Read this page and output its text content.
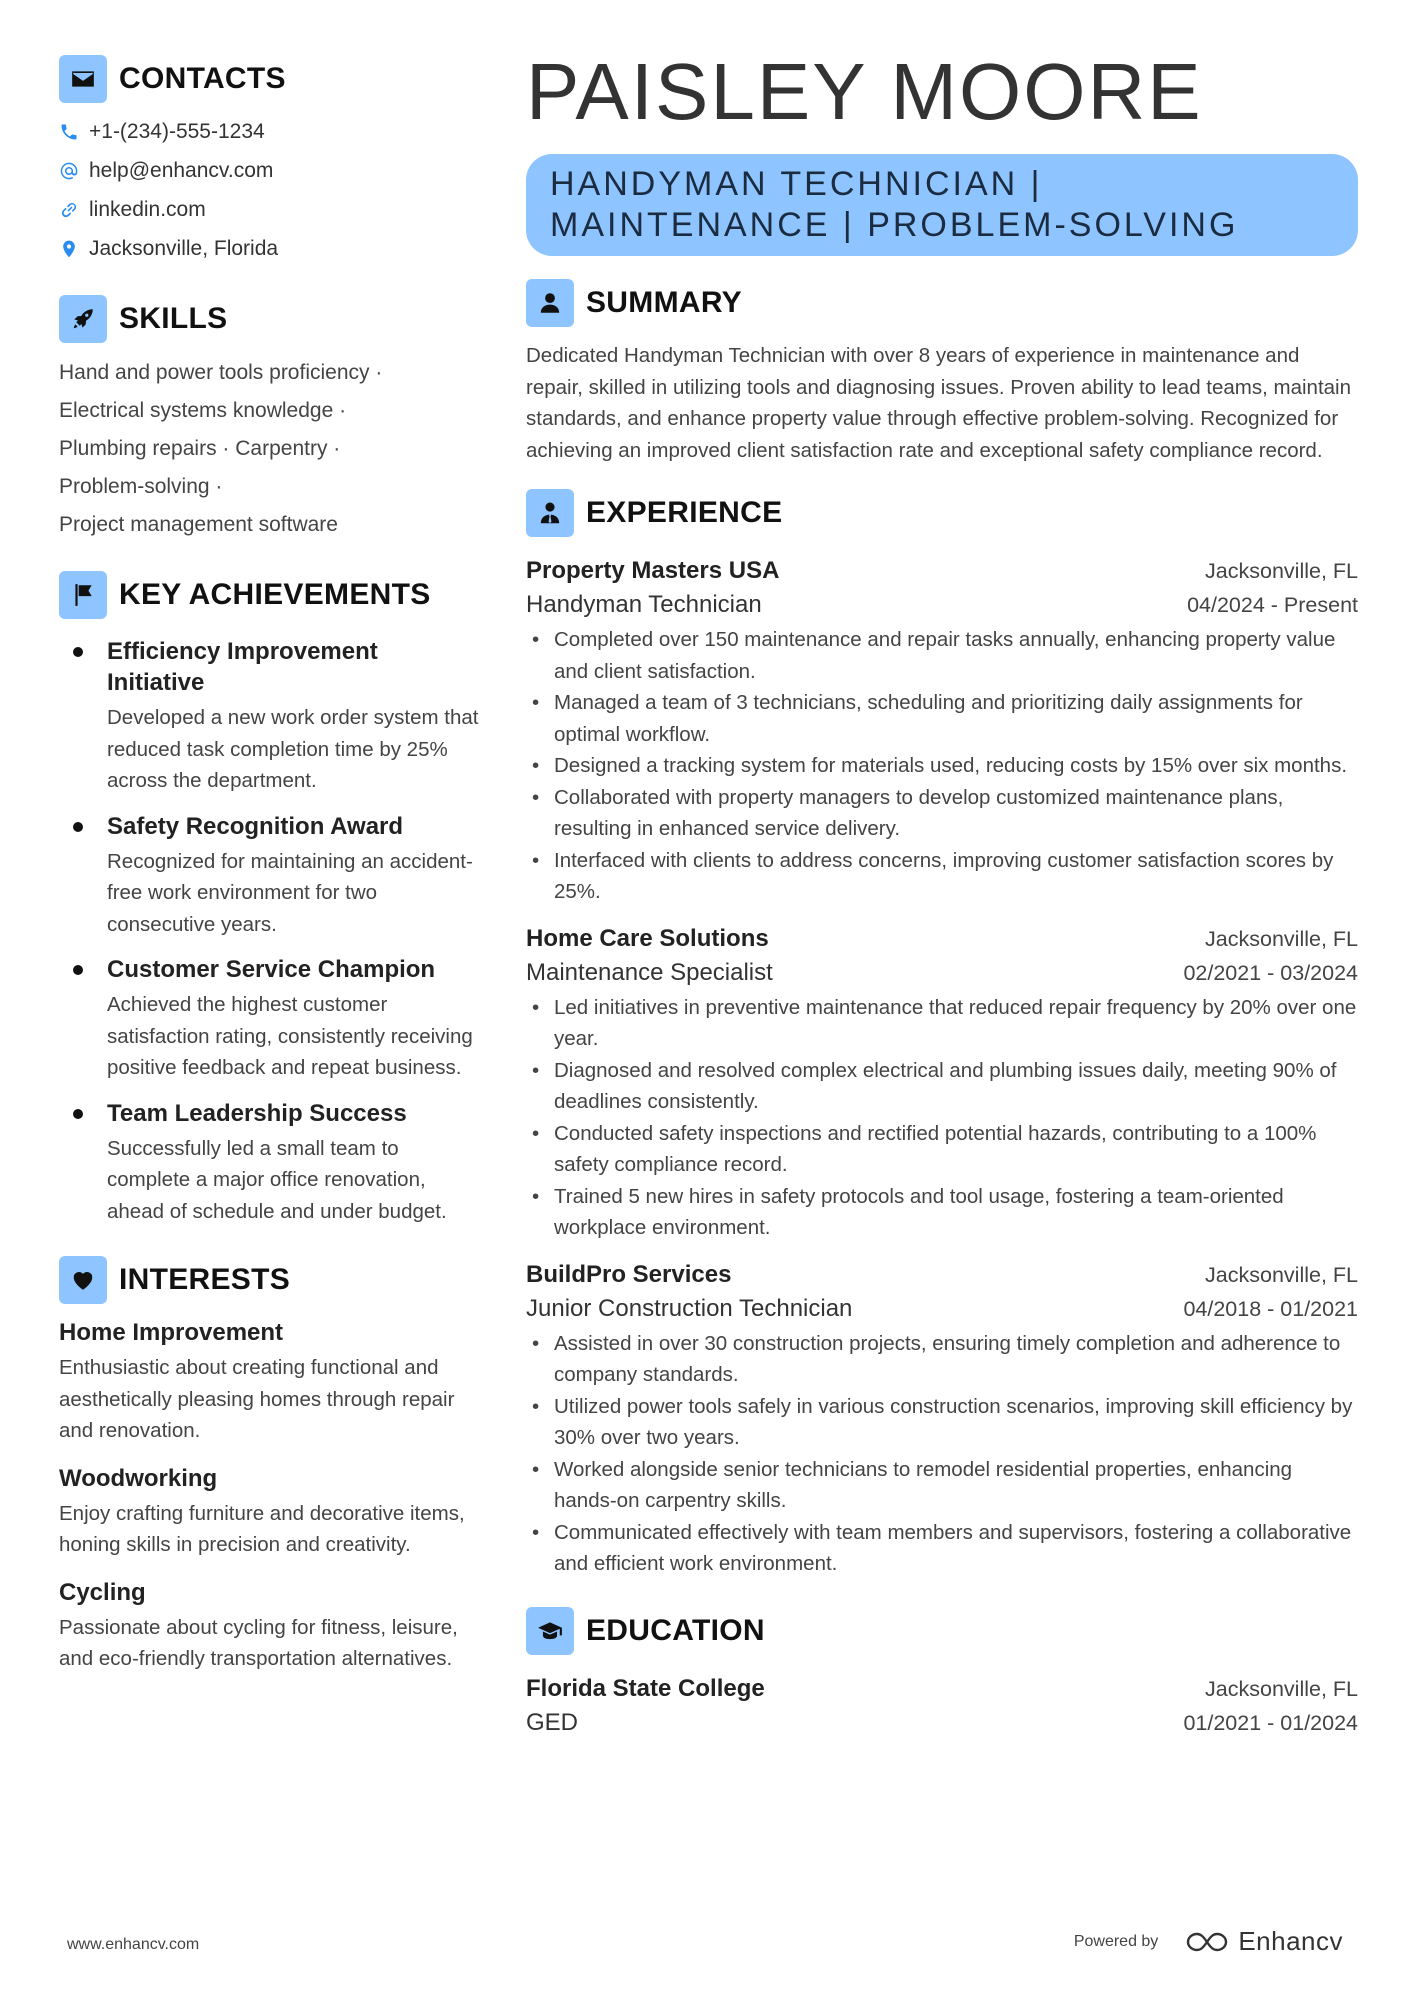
CONTACTS
+1-(234)-555-1234
help@enhancv.com
linkedin.com
Jacksonville, Florida
SKILLS
Hand and power tools proficiency ·
Electrical systems knowledge ·
Plumbing repairs · Carpentry ·
Problem-solving ·
Project management software
KEY ACHIEVEMENTS
Efficiency Improvement Initiative
Developed a new work order system that reduced task completion time by 25% across the department.
Safety Recognition Award
Recognized for maintaining an accident-free work environment for two consecutive years.
Customer Service Champion
Achieved the highest customer satisfaction rating, consistently receiving positive feedback and repeat business.
Team Leadership Success
Successfully led a small team to complete a major office renovation, ahead of schedule and under budget.
INTERESTS
Home Improvement
Enthusiastic about creating functional and aesthetically pleasing homes through repair and renovation.
Woodworking
Enjoy crafting furniture and decorative items, honing skills in precision and creativity.
Cycling
Passionate about cycling for fitness, leisure, and eco-friendly transportation alternatives.
PAISLEY MOORE
HANDYMAN TECHNICIAN | MAINTENANCE | PROBLEM-SOLVING
SUMMARY
Dedicated Handyman Technician with over 8 years of experience in maintenance and repair, skilled in utilizing tools and diagnosing issues. Proven ability to lead teams, maintain standards, and enhance property value through effective problem-solving. Recognized for achieving an improved client satisfaction rate and exceptional safety compliance record.
EXPERIENCE
Property Masters USA	Jacksonville, FL
Handyman Technician	04/2024 - Present
• Completed over 150 maintenance and repair tasks annually, enhancing property value and client satisfaction.
• Managed a team of 3 technicians, scheduling and prioritizing daily assignments for optimal workflow.
• Designed a tracking system for materials used, reducing costs by 15% over six months.
• Collaborated with property managers to develop customized maintenance plans, resulting in enhanced service delivery.
• Interfaced with clients to address concerns, improving customer satisfaction scores by 25%.
Home Care Solutions	Jacksonville, FL
Maintenance Specialist	02/2021 - 03/2024
• Led initiatives in preventive maintenance that reduced repair frequency by 20% over one year.
• Diagnosed and resolved complex electrical and plumbing issues daily, meeting 90% of deadlines consistently.
• Conducted safety inspections and rectified potential hazards, contributing to a 100% safety compliance record.
• Trained 5 new hires in safety protocols and tool usage, fostering a team-oriented workplace environment.
BuildPro Services	Jacksonville, FL
Junior Construction Technician	04/2018 - 01/2021
• Assisted in over 30 construction projects, ensuring timely completion and adherence to company standards.
• Utilized power tools safely in various construction scenarios, improving skill efficiency by 30% over two years.
• Worked alongside senior technicians to remodel residential properties, enhancing hands-on carpentry skills.
• Communicated effectively with team members and supervisors, fostering a collaborative and efficient work environment.
EDUCATION
Florida State College	Jacksonville, FL
GED	01/2021 - 01/2024
www.enhancv.com	Powered by	Enhancv
